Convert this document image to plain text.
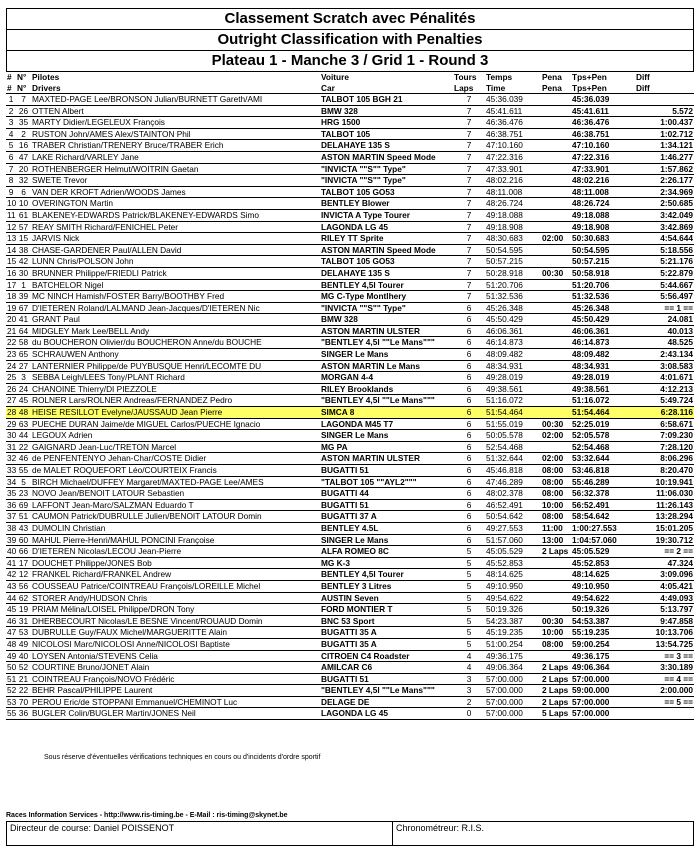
Classement Scratch avec Pénalités
Outright Classification with Penalties
Plateau 1 - Manche 3 / Grid 1 - Round 3
#	N°	Pilotes	Voiture	Tours	Temps	Pena	Tps+Pen	Diff
#	N°	Drivers	Car	Laps	Time	Pena	Tps+Pen	Diff
1	7	MAXTED-PAGE Lee/BRONSON Julian/BURNETT Gareth/AMI	TALBOT 105 BGH 21	7	45:36.039		45:36.039	
2	26	OTTEN Albert	BMW 328	7	45:41.611		45:41.611	5.572
3	35	MARTY Didier/LEGELEUX François	HRG 1500	7	46:36.476		46:36.476	1:00.437
4	2	RUSTON John/AMES Alex/STAINTON Phil	TALBOT 105	7	46:38.751		46:38.751	1:02.712
5	16	TRABER Christian/TRENERY Bruce/TRABER Erich	DELAHAYE 135 S	7	47:10.160		47:10.160	1:34.121
6	47	LAKE Richard/VARLEY Jane	ASTON MARTIN Speed Mode	7	47:22.316		47:22.316	1:46.277
7	20	ROTHENBERGER Helmut/WOITRIN Gaetan	"INVICTA ""S"" Type"	7	47:33.901		47:33.901	1:57.862
8	32	SWETE Trevor	"INVICTA ""S"" Type"	7	48:02.216		48:02.216	2:26.177
9	6	VAN DER KROFT Adrien/WOODS James	TALBOT 105 GO53	7	48:11.008		48:11.008	2:34.969
10	10	OVERINGTON Martin	BENTLEY Blower	7	48:26.724		48:26.724	2:50.685
11	61	BLAKENEY-EDWARDS Patrick/BLAKENEY-EDWARDS Simo	INVICTA A Type Tourer	7	49:18.088		49:18.088	3:42.049
12	57	REAY SMITH Richard/FENICHEL Peter	LAGONDA LG 45	7	49:18.908		49:18.908	3:42.869
13	15	JARVIS Nick	RILEY TT Sprite	7	48:30.683	02:00	50:30.683	4:54.644
14	38	CHASE-GARDENER Paul/ALLEN David	ASTON MARTIN Speed Mode	7	50:54.595		50:54.595	5:18.556
15	42	LUNN Chris/POLSON John	TALBOT 105 GO53	7	50:57.215		50:57.215	5:21.176
16	30	BRUNNER Philippe/FRIEDLI Patrick	DELAHAYE 135 S	7	50:28.918	00:30	50:58.918	5:22.879
17	1	BATCHELOR Nigel	BENTLEY 4,5l Tourer	7	51:20.706		51:20.706	5:44.667
18	39	MC NINCH Hamish/FOSTER Barry/BOOTHBY Fred	MG C-Type Montlhery	7	51:32.536		51:32.536	5:56.497
19	67	D'IETEREN Roland/LALMAND Jean-Jacques/D'IETEREN Nic	"INVICTA ""S"" Type"	6	45:26.348		45:26.348	== 1 ==
20	41	GRANT Paul	BMW 328	6	45:50.429		45:50.429	24.081
21	64	MIDGLEY Mark Lee/BELL Andy	ASTON MARTIN ULSTER	6	46:06.361		46:06.361	40.013
22	58	du BOUCHERON Olivier/du BOUCHERON Anne/du BOUCHE	"BENTLEY 4,5l ""Le Mans"""	6	46:14.873		46:14.873	48.525
23	65	SCHRAUWEN Anthony	SINGER Le Mans	6	48:09.482		48:09.482	2:43.134
24	27	LANTERNIER Philippe/de PUYBUSQUE Henri/LECOMTE DU	ASTON MARTIN Le Mans	6	48:34.931		48:34.931	3:08.583
25	3	SEBBA Leigh/LEES Tony/PLANT Richard	MORGAN 4-4	6	49:28.019		49:28.019	4:01.671
26	24	CHANOINE Thierry/DI PIEZZOLE	RILEY Brooklands	6	49:38.561		49:38.561	4:12.213
27	45	ROLNER Lars/ROLNER Andreas/FERNANDEZ Pedro	"BENTLEY 4,5l ""Le Mans"""	6	51:16.072		51:16.072	5:49.724
28	48	HEISE RESILLOT Evelyne/JAUSSAUD Jean Pierre	SIMCA 8	6	51:54.464		51:54.464	6:28.116
29	63	PUECHE DURAN Jaime/de MIGUEL Carlos/PUECHE Ignacio	LAGONDA M45 T7	6	51:55.019	00:30	52:25.019	6:58.671
30	44	LEGOUX Adrien	SINGER Le Mans	6	50:05.578	02:00	52:05.578	7:09.230
31	22	GAIGNARD Jean-Luc/TRETON Marcel	MG PA	6	52:54.468		52:54.468	7:28.120
32	46	de PENFENTENYO Jehan-Char/COSTE Didier	ASTON MARTIN ULSTER	6	51:32.644	02:00	53:32.644	8:06.296
33	55	de MALET ROQUEFORT Léo/COURTEIX Francis	BUGATTI 51	6	45:46.818	08:00	53:46.818	8:20.470
34	5	BIRCH Michael/DUFFEY Margaret/MAXTED-PAGE Lee/AMES	"TALBOT 105 ""AYL2"""	6	47:46.289	08:00	55:46.289	10:19.941
35	23	NOVO Jean/BENOIT LATOUR Sebastien	BUGATTI 44	6	48:02.378	08:00	56:32.378	11:06.030
36	69	LAFFONT Jean-Marc/SALZMAN Eduardo T	BUGATTI 51	6	46:52.491	10:00	56:52.491	11:26.143
37	51	CAUMON Patrick/DUBRULLE Julien/BENOIT LATOUR Domin	BUGATTI 37 A	6	50:54.642	08:00	58:54.642	13:28.294
38	43	DUMOLIN Christian	BENTLEY 4.5L	6	49:27.553	11:00	1:00:27.553	15:01.205
39	60	MAHUL Pierre-Henri/MAHUL PONCINI Françoise	SINGER Le Mans	6	51:57.060	13:00	1:04:57.060	19:30.712
40	66	D'IETEREN Nicolas/LECOU Jean-Pierre	ALFA ROMEO 8C	5	45:05.529	2 Laps	45:05.529	== 2 ==
41	17	DOUCHET Philippe/JONES Bob	MG K-3	5	45:52.853		45:52.853	47.324
42	12	FRANKEL Richard/FRANKEL Andrew	BENTLEY 4,5l Tourer	5	48:14.625		48:14.625	3:09.096
43	56	COUSSEAU Patrice/COINTREAU François/LOREILLE Michel	BENTLEY 3 Litres	5	49:10.950		49:10.950	4:05.421
44	62	STORER Andy/HUDSON Chris	AUSTIN Seven	5	49:54.622		49:54.622	4:49.093
45	19	PRIAM Mélina/LOISEL Philippe/DRON Tony	FORD MONTIER T	5	50:19.326		50:19.326	5:13.797
46	31	DHERBECOURT Nicolas/LE BESNE Vincent/ROUAUD Domin	BNC 53 Sport	5	54:23.387	00:30	54:53.387	9:47.858
47	53	DUBRULLE Guy/FAUX Michel/MARGUERITTE Alain	BUGATTI 35 A	5	45:19.235	10:00	55:19.235	10:13.706
48	49	NICOLOSI Marc/NICOLOSI Anne/NICOLOSI Baptiste	BUGATTI 35 A	5	51:00.254	08:00	59:00.254	13:54.725
49	40	LOYSEN Antonia/STEVENS Celia	CITROEN C4 Roadster	4	49:36.175		49:36.175	== 3 ==
50	52	COURTINE Bruno/JONET Alain	AMILCAR C6	4	49:06.364	2 Laps	49:06.364	3:30.189
51	21	COINTREAU François/NOVO Frédéric	BUGATTI 51	3	57:00.000	2 Laps	57:00.000	== 4 ==
52	22	BEHR Pascal/PHILIPPE Laurent	"BENTLEY 4,5l ""Le Mans"""	3	57:00.000	2 Laps	59:00.000	2:00.000
53	70	PEROU Eric/de STOPPANI Emmanuel/CHEMINOT Luc	DELAGE DE	2	57:00.000	2 Laps	57:00.000	== 5 ==
55	36	BUGLER Colin/BUGLER Martin/JONES Neil	LAGONDA LG 45	0	57:00.000	5 Laps	57:00.000	
Sous réserve d'éventuelles vérifications techniques en cours ou d'incidents d'ordre sportif
Races Information Services - http://www.ris-timing.be - E-Mail : ris-timing@skynet.be
Directeur de course: Daniel POISSENOT	Chronométreur: R.I.S.
